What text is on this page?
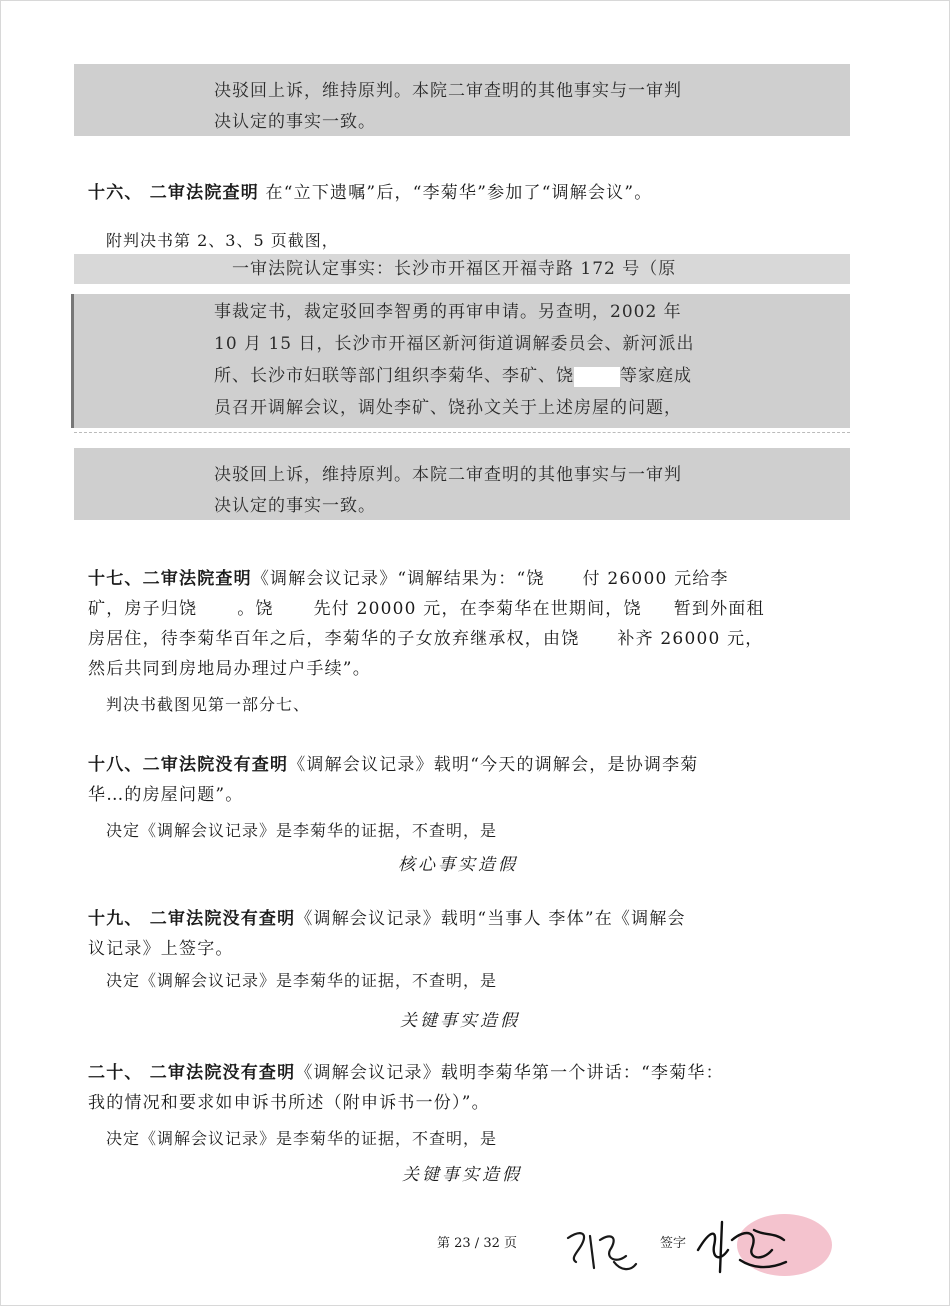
决驳回上诉，维持原判。本院二审查明的其他事实与一审判
决认定的事实一致。
十六、 二审法院查明 在“立下遗嘱”后，“李菊华”参加了“调解会议”。
附判决书第 2、3、5 页截图，
一审法院认定事实：长沙市开福区开福寺路 172 号（原
事裁定书，裁定驳回李智勇的再审申请。另查明，2002 年
10 月 15 日，长沙市开福区新河街道调解委员会、新河派出
所、长沙市妇联等部门组织李菊华、李矿、饶	等家庭成
员召开调解会议，调处李矿、饶孙文关于上述房屋的问题，
决驳回上诉，维持原判。本院二审查明的其他事实与一审判
决认定的事实一致。
十七、二审法院查明《调解会议记录》“调解结果为：“饶 付 26000 元给李
矿，房子归饶 。饶 先付 20000 元，在李菊华在世期间，饶 暂到外面租
房居住，待李菊华百年之后，李菊华的子女放弃继承权，由饶 补齐 26000 元，
然后共同到房地局办理过户手续”。
判决书截图见第一部分七、
十八、二审法院没有查明《调解会议记录》载明“今天的调解会，是协调李菊
华…的房屋问题”。
决定《调解会议记录》是李菊华的证据，不查明，是
核心事实造假
十九、 二审法院没有查明《调解会议记录》载明“当事人 李体”在《调解会
议记录》上签字。
决定《调解会议记录》是李菊华的证据，不查明，是
关键事实造假
二十、 二审法院没有查明《调解会议记录》载明李菊华第一个讲话：“李菊华：
我的情况和要求如申诉书所述（附申诉书一份）”。
决定《调解会议记录》是李菊华的证据，不查明，是
关键事实造假
第 23 / 32 页	签字
